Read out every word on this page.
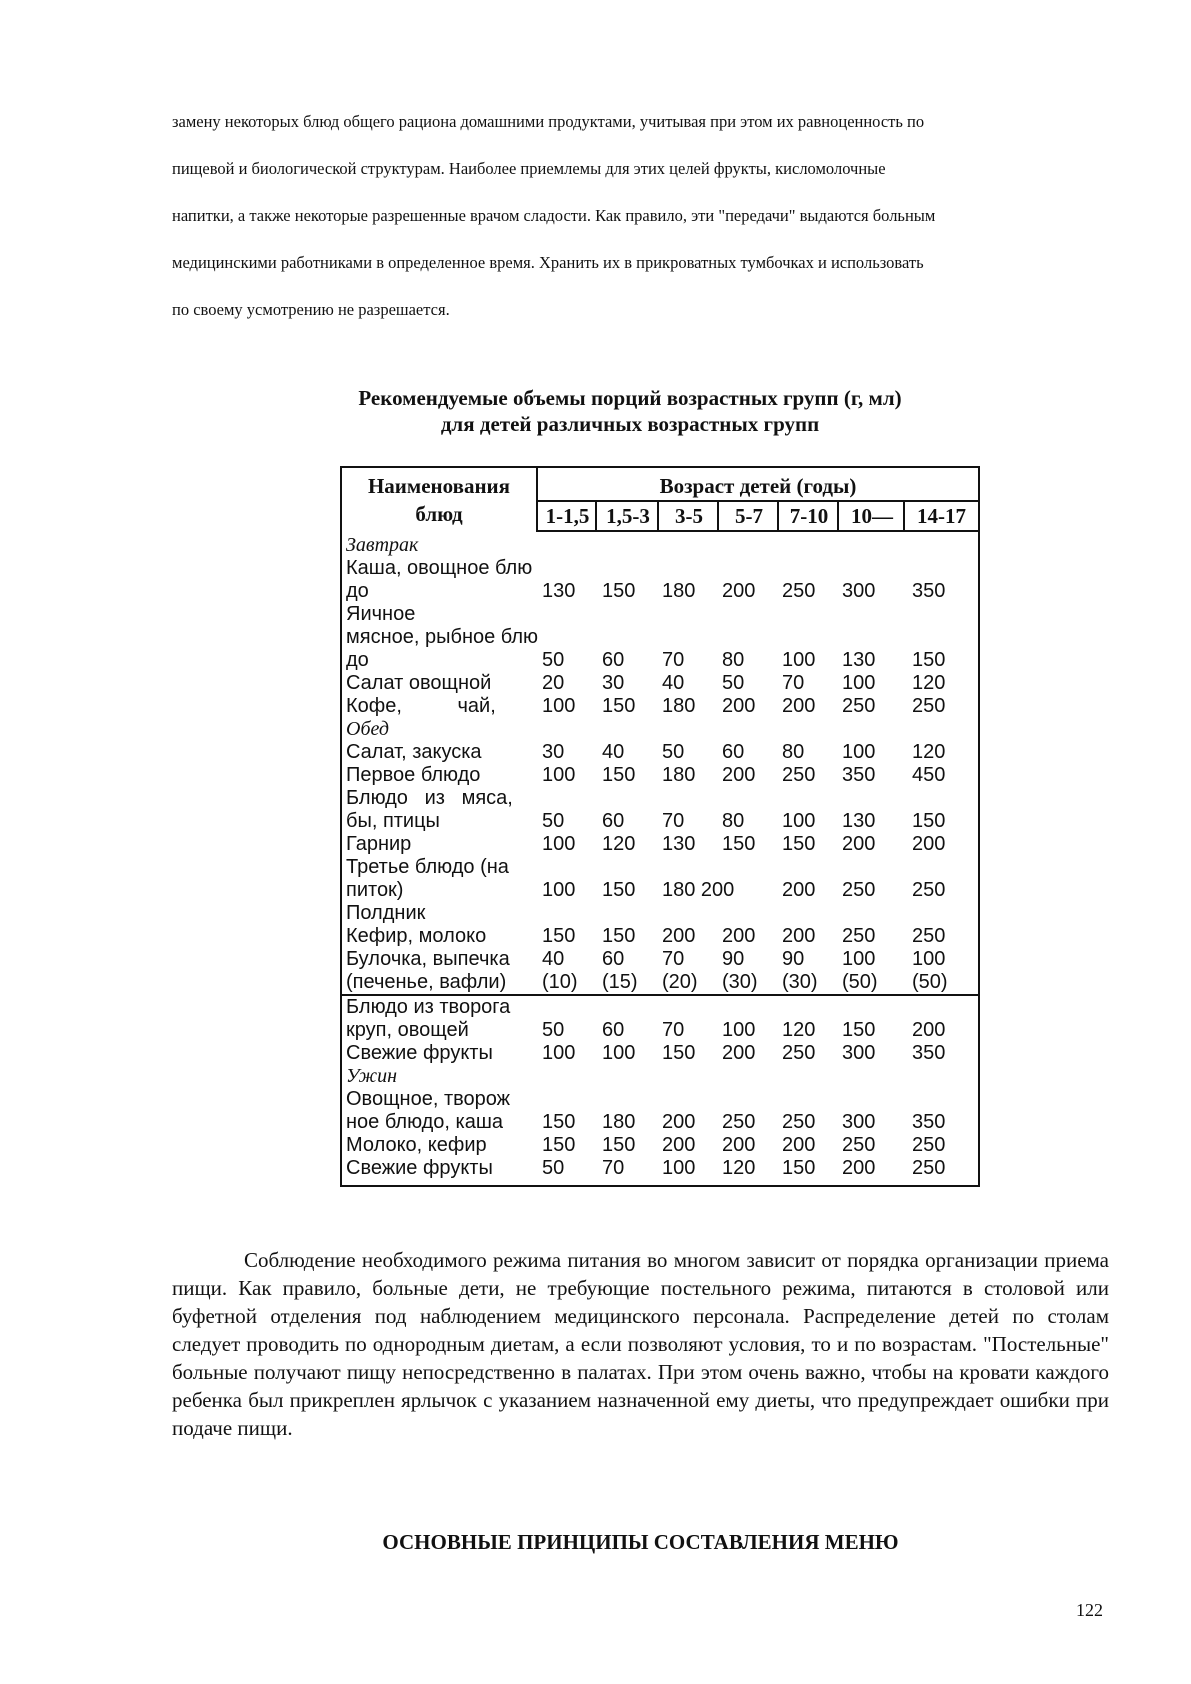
замену некоторых блюд общего рациона домашними продуктами, учитывая при этом их равноценность по
пищевой и биологической структурам. Наиболее приемлемы для этих целей фрукты, кисломолочные
напитки, а также некоторые разрешенные врачом сладости. Как правило, эти "передачи" выдаются больным
медицинскими работниками в определенное время. Хранить их в прикроватных тумбочках и использовать
по своему усмотрению не разрешается.
Рекомендуемые объемы порций возрастных групп (г, мл)
для детей различных возрастных групп
Наименования
блюд
Возраст детей (годы)
1-1,5 1,5-3	3-5	5-7	7-10	10—	14-17
Завтрак
Каша, овощное блю
до	130 150 180 200 250 300 350
Яичное
мясное, рыбное блю
до	50 60 70 80 100 130 150
Салат овощной	20 30 40 50 70 100 120
Кофе,          чай, 100 150 180 200 200 250 250
Обед
Салат, закуска	30 40 50 60 80 100 120
Первое блюдо	100 150 180 200 250 350 450
Блюдо   из   мяса,
бы, птицы	50 60 70 80 100 130 150
Гарнир	100 120 130 150 150 200 200
Третье блюдо (на
питок)	100 150 180 200 200 250 250
Полдник
Кефир, молоко	150 150 200 200 200 250 250
Булочка, выпечка 40 60 70 90 90 100 100
(печенье, вафли) (10) (15) (20) (30) (30) (50) (50)
Блюдо из творога
круп, овощей	50 60 70 100 120 150 200
Свежие фрукты 100 100 150 200 250 300 350
Ужин
Овощное, творож
ное блюдо, каша 150 180 200 250 250 300 350
Молоко, кефир	150 150 200 200 200 250 250
Свежие фрукты 50 70 100 120 150 200 250

Соблюдение необходимого режима питания во многом зависит от порядка организации приема пищи. Как правило, больные дети, не требующие постельного режима, питаются в столовой или буфетной отделения под наблюдением медицинского персонала. Распределение детей по столам следует проводить по однородным диетам, а если позволяют условия, то и по возрастам. "Постельные" больные получают пищу непосредственно в палатах. При этом очень важно, чтобы на кровати каждого ребенка был прикреплен ярлычок с указанием назначенной ему диеты, что предупреждает ошибки при подаче пищи.

ОСНОВНЫЕ ПРИНЦИПЫ СОСТАВЛЕНИЯ МЕНЮ
122
